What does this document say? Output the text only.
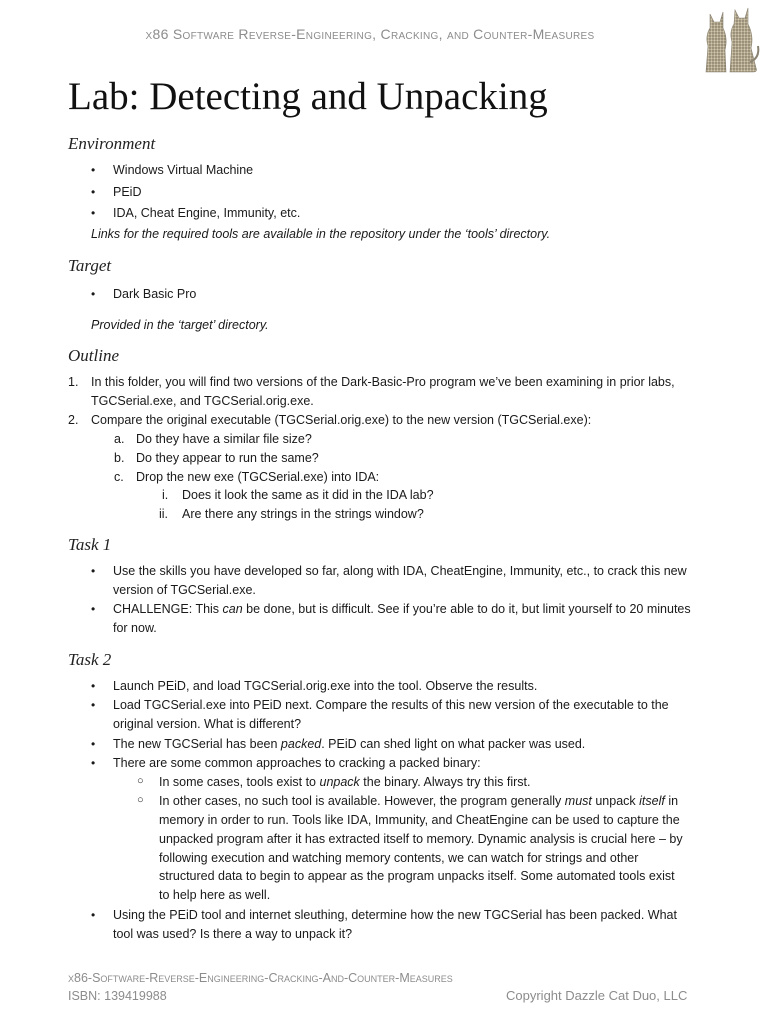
x86 Software Reverse-Engineering, Cracking, and Counter-Measures
Lab: Detecting and Unpacking
Environment
• Windows Virtual Machine
• PEiD
• IDA, Cheat Engine, Immunity, etc.
Links for the required tools are available in the repository under the ‘tools’ directory.
Target
• Dark Basic Pro
Provided in the ‘target’ directory.
Outline
1. In this folder, you will find two versions of the Dark-Basic-Pro program we’ve been examining in prior labs,
TGCSerial.exe, and TGCSerial.orig.exe.
2. Compare the original executable (TGCSerial.orig.exe) to the new version (TGCSerial.exe):
a. Do they have a similar file size?
b. Do they appear to run the same?
c. Drop the new exe (TGCSerial.exe) into IDA:
i. Does it look the same as it did in the IDA lab?
ii. Are there any strings in the strings window?
Task 1
• Use the skills you have developed so far, along with IDA, CheatEngine, Immunity, etc., to crack this new
version of TGCSerial.exe.
• CHALLENGE: This can be done, but is difficult. See if you’re able to do it, but limit yourself to 20 minutes
for now.
Task 2
• Launch PEiD, and load TGCSerial.orig.exe into the tool. Observe the results.
• Load TGCSerial.exe into PEiD next. Compare the results of this new version of the executable to the
original version. What is different?
• The new TGCSerial has been packed. PEiD can shed light on what packer was used.
• There are some common approaches to cracking a packed binary:
○ In some cases, tools exist to unpack the binary. Always try this first.
○ In other cases, no such tool is available. However, the program generally must unpack itself in
memory in order to run. Tools like IDA, Immunity, and CheatEngine can be used to capture the
unpacked program after it has extracted itself to memory. Dynamic analysis is crucial here – by
following execution and watching memory contents, we can watch for strings and other
structured data to begin to appear as the program unpacks itself. Some automated tools exist
to help here as well.
• Using the PEiD tool and internet sleuthing, determine how the new TGCSerial has been packed. What
tool was used? Is there a way to unpack it?
x86-Software-Reverse-Engineering-Cracking-And-Counter-Measures
ISBN: 139419988	Copyright Dazzle Cat Duo, LLC
